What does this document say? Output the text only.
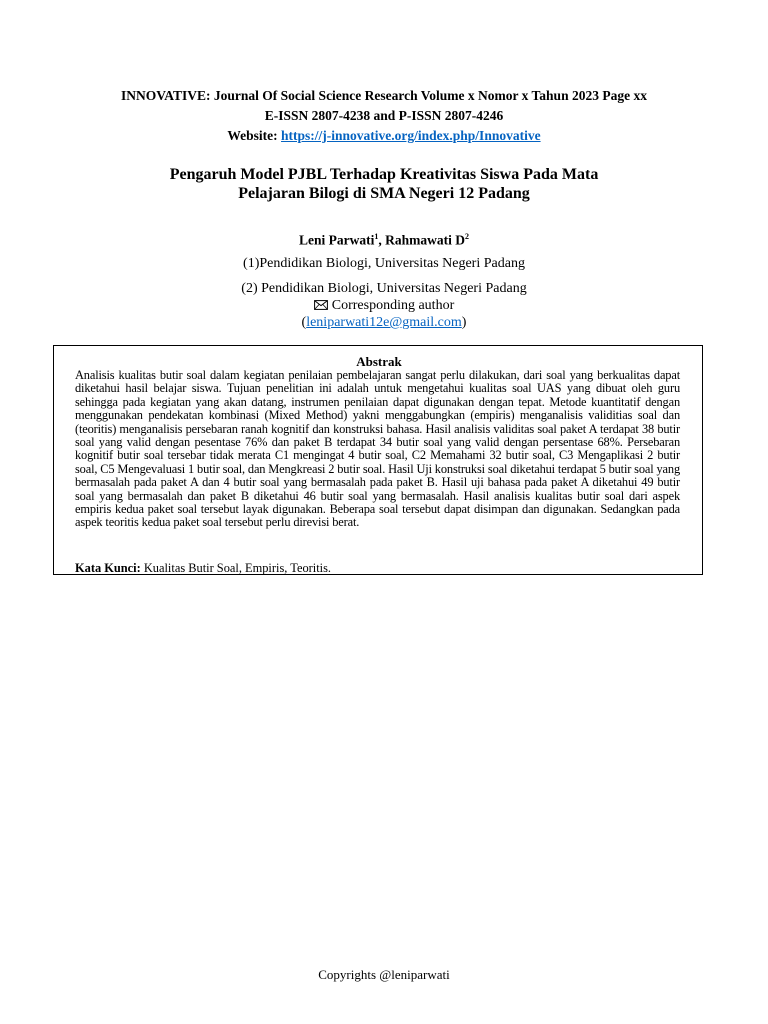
INNOVATIVE: Journal Of Social Science Research Volume x Nomor x Tahun 2023 Page xx
E-ISSN 2807-4238 and P-ISSN 2807-4246
Website: https://j-innovative.org/index.php/Innovative
Pengaruh Model PJBL Terhadap Kreativitas Siswa Pada Mata
Pelajaran Bilogi di SMA Negeri 12 Padang
Leni Parwati$^1$, Rahmawati $D^2$
(1)Pendidikan Biologi, Universitas Negeri Padang
(2) Pendidikan Biologi, Universitas Negeri Padang
Corresponding author
(leniparwati12e@gmail.com)
Abstrak
Analisis kualitas butir soal dalam kegiatan penilaian pembelajaran sangat perlu dilakukan, dari soal yang berkualitas dapat diketahui hasil belajar siswa. Tujuan penelitian ini adalah untuk mengetahui kualitas soal UAS yang dibuat oleh guru sehingga pada kegiatan yang akan datang, instrumen penilaian dapat digunakan dengan tepat. Metode kuantitatif dengan menggunakan pendekatan kombinasi (Mixed Method) yakni menggabungkan (empiris) menganalisis validitias soal dan (teoritis) menganalisis persebaran ranah kognitif dan konstruksi bahasa. Hasil analisis validitas soal paket A terdapat 38 butir soal yang valid dengan pesentase 76% dan paket B terdapat 34 butir soal yang valid dengan persentase 68%. Persebaran kognitif butir soal tersebar tidak merata C1 mengingat 4 butir soal, C2 Memahami 32 butir soal, C3 Mengaplikasi 2 butir soal, C5 Mengevaluasi 1 butir soal, dan Mengkreasi 2 butir soal. Hasil Uji konstruksi soal diketahui terdapat 5 butir soal yang bermasalah pada paket A dan 4 butir soal yang bermasalah pada paket B. Hasil uji bahasa pada paket A diketahui 49 butir soal yang bermasalah dan paket B diketahui 46 butir soal yang bermasalah. Hasil analisis kualitas butir soal dari aspek empiris kedua paket soal tersebut layak digunakan. Beberapa soal tersebut dapat disimpan dan digunakan. Sedangkan pada aspek teoritis kedua paket soal tersebut perlu direvisi berat.
Kata Kunci: Kualitas Butir Soal, Empiris, Teoritis.
Copyrights @leniparwati
